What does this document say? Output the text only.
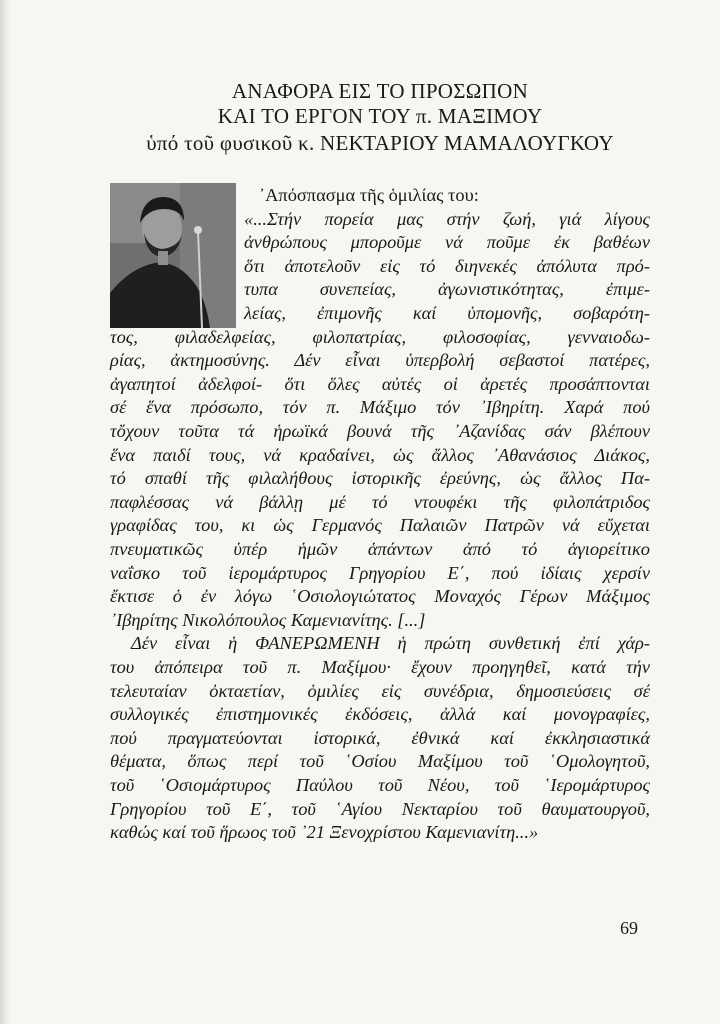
ΑΝΑΦΟΡΑ ΕΙΣ ΤΟ ΠΡΟΣΩΠΟΝ
ΚΑΙ ΤΟ ΕΡΓΟΝ ΤΟΥ π. ΜΑΞΙΜΟΥ
ὑπό τοῦ φυσικοῦ κ. ΝΕΚΤΑΡΙΟΥ ΜΑΜΑΛΟΥΓΚΟΥ
᾽Απόσπασμα τῆς ὁμιλίας του:
«...Στήν πορεία μας στήν ζωή, γιά λίγους
ἀνθρώπους μποροῦμε νά ποῦμε ἐκ βαθέων
ὅτι ἀποτελοῦν εἰς τό διηνεκές ἀπόλυτα πρό-
τυπα συνεπείας, ἀγωνιστικότητας, ἐπιμε-
λείας, ἐπιμονῆς καί ὑπομονῆς, σοβαρότη-
τος, φιλαδελφείας, φιλοπατρίας, φιλοσοφίας, γενναιοδω-
ρίας, ἀκτημοσύνης. Δέν εἶναι ὑπερβολή σεβαστοί πατέρες,
ἀγαπητοί ἀδελφοί- ὅτι ὅλες αὐτές οἱ ἀρετές προσάπτονται
σέ ἕνα πρόσωπο, τόν π. Μάξιμο τόν ᾽Ιβηρίτη. Χαρά πού
τὄχουν τοῦτα τά ἡρωϊκά βουνά τῆς ᾽Αζανίδας σάν βλέπουν
ἕνα παιδί τους, νά κραδαίνει, ὡς ἄλλος ᾽Αθανάσιος Διάκος,
τό σπαθί τῆς φιλαλήθους ἱστορικῆς ἐρεύνης, ὡς ἄλλος Πα-
παφλέσσας νά βάλλῃ μέ τό ντουφέκι τῆς φιλοπάτριδος
γραφίδας του, κι ὡς Γερμανός Παλαιῶν Πατρῶν νά εὔχεται
πνευματικῶς ὑπέρ ἡμῶν ἁπάντων ἀπό τό ἁγιορείτικο
ναΐσκο τοῦ ἱερομάρτυρος Γρηγορίου Ε΄, πού ἰδίαις χερσίν
ἔκτισε ὁ ἐν λόγω ῾Οσιολογιώτατος Μοναχός Γέρων Μάξιμος
᾽Ιβηρίτης Νικολόπουλος Καμενιανίτης. [...]
Δέν εἶναι ἡ ΦΑΝΕΡΩΜΕΝΗ ἡ πρώτη συνθετική ἐπί χάρ-
του ἀπόπειρα τοῦ π. Μαξίμου· ἔχουν προηγηθεῖ, κατά τήν
τελευταίαν ὀκταετίαν, ὁμιλίες εἰς συνέδρια, δημοσιεύσεις σέ
συλλογικές ἐπιστημονικές ἐκδόσεις, ἀλλά καί μονογραφίες,
πού πραγματεύονται ἱστορικά, ἐθνικά καί ἐκκλησιαστικά
θέματα, ὅπως περί τοῦ ῾Οσίου Μαξίμου τοῦ ῾Ομολογητοῦ,
τοῦ ῾Οσιομάρτυρος Παύλου τοῦ Νέου, τοῦ ῾Ιερομάρτυρος
Γρηγορίου τοῦ Ε΄, τοῦ ῾Αγίου Νεκταρίου τοῦ θαυματουργοῦ,
καθώς καί τοῦ ἥρωος τοῦ ᾽21 Ξενοχρίστου Καμενιανίτη...»
69
